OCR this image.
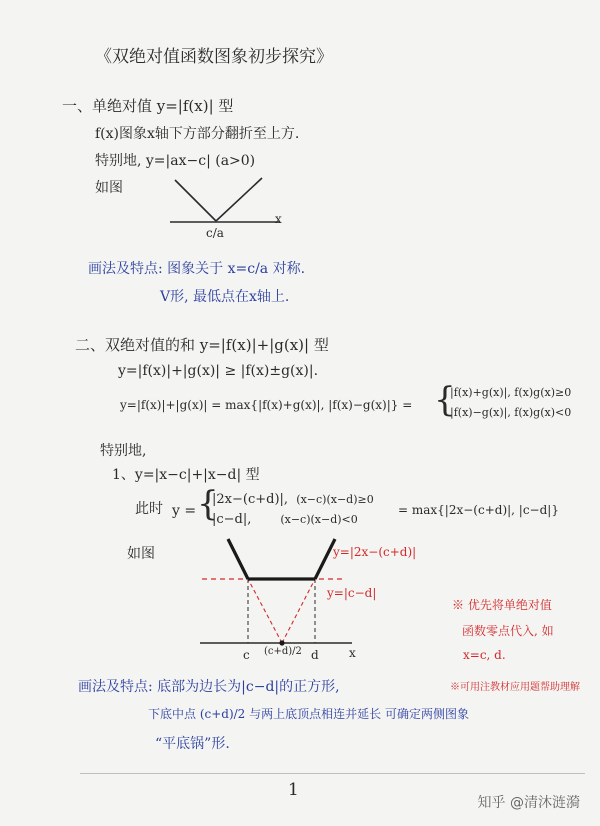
《双绝对值函数图象初步探究》
一、单绝对值 y=|f(x)| 型
f(x)图象x轴下方部分翻折至上方.
特别地, y=|ax−c| (a>0)
如图
x
c/a
画法及特点: 图象关于 x=c/a 对称.
V形, 最低点在x轴上.
二、双绝对值的和 y=|f(x)|+|g(x)| 型
y=|f(x)|+|g(x)| ≥ |f(x)±g(x)|.
y=|f(x)|+|g(x)| = max{|f(x)+g(x)|, |f(x)−g(x)|} = {
|f(x)+g(x)|, f(x)g(x)≥0
|f(x)−g(x)|, f(x)g(x)<0
特别地,
1、y=|x−c|+|x−d| 型
此时 y = {
|2x−(c+d)|, (x−c)(x−d)≥0
|c−d|,	(x−c)(x−d)<0
= max{|2x−(c+d)|, |c−d|}
如图	y=|2x−(c+d)|
y=|c−d|
c (c+d)/2 d	x
※ 优先将单绝对值
函数零点代入, 如
x=c, d.
※可用注教材应用题帮助理解
画法及特点: 底部为边长为|c−d|的正方形,
下底中点 (c+d)/2 与两上底顶点相连并延长 可确定两侧图象
“平底锅”形.
1
知乎 @清沐涟漪
